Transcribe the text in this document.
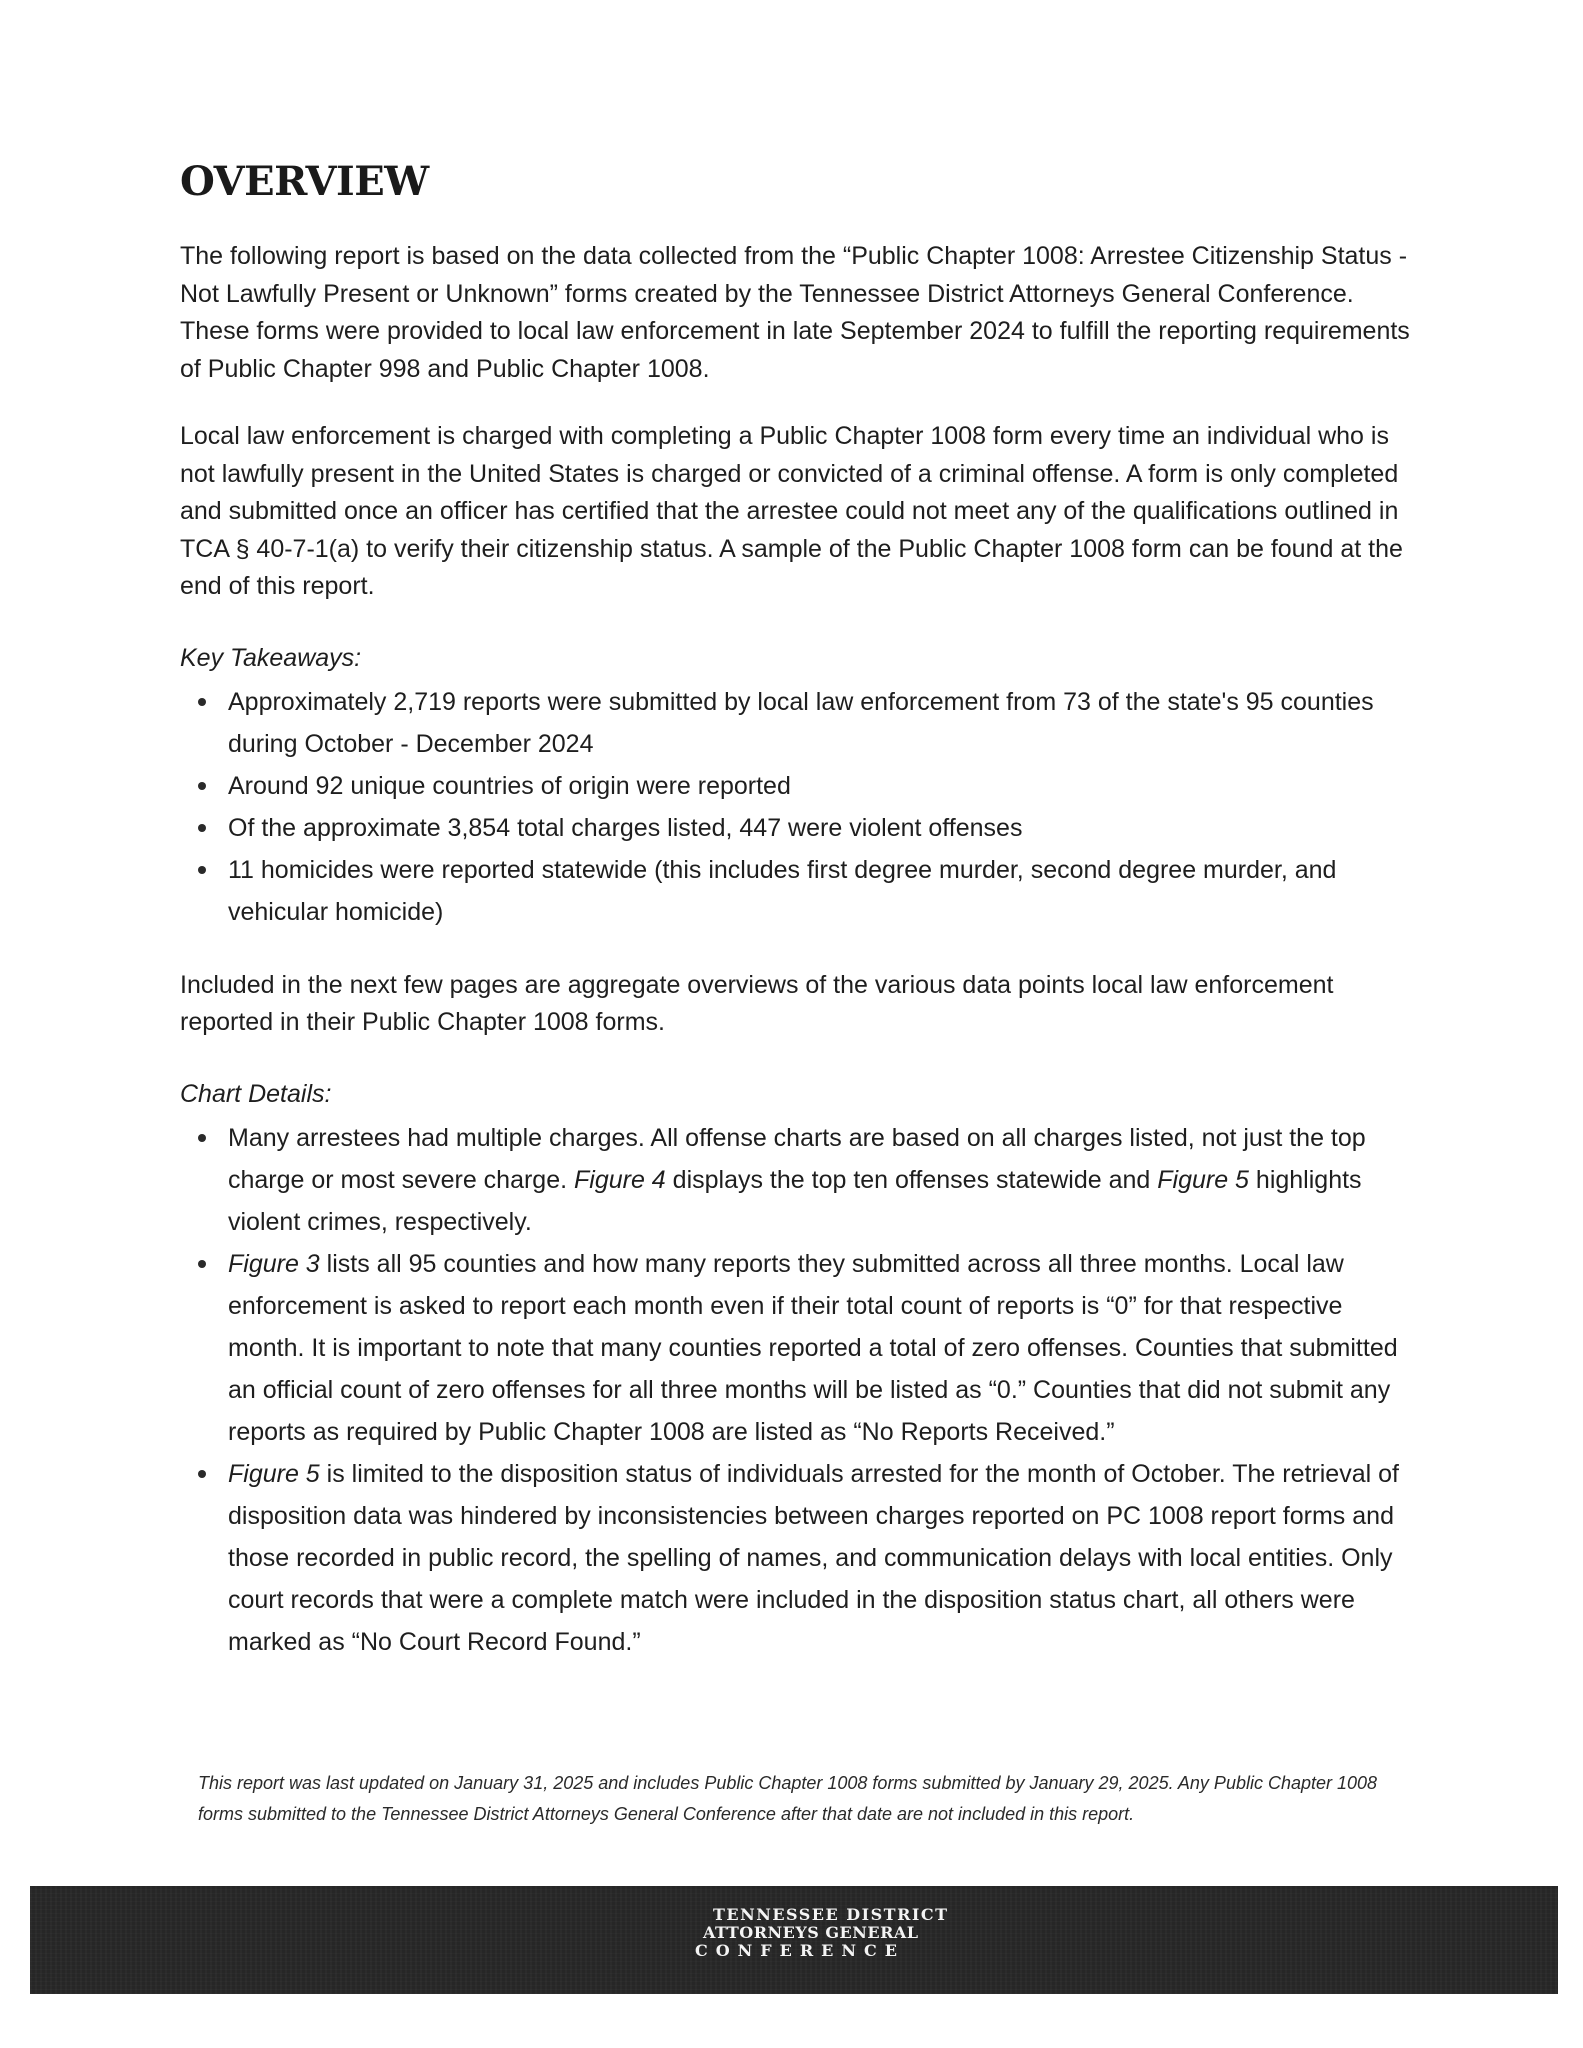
OVERVIEW

The following report is based on the data collected from the “Public Chapter 1008: Arrestee Citizenship Status - Not Lawfully Present or Unknown” forms created by the Tennessee District Attorneys General Conference. These forms were provided to local law enforcement in late September 2024 to fulfill the reporting requirements of Public Chapter 998 and Public Chapter 1008.

Local law enforcement is charged with completing a Public Chapter 1008 form every time an individual who is not lawfully present in the United States is charged or convicted of a criminal offense. A form is only completed and submitted once an officer has certified that the arrestee could not meet any of the qualifications outlined in TCA § 40-7-1(a) to verify their citizenship status. A sample of the Public Chapter 1008 form can be found at the end of this report.

Key Takeaways:
Approximately 2,719 reports were submitted by local law enforcement from 73 of the state's 95 counties during October - December 2024
Around 92 unique countries of origin were reported
Of the approximate 3,854 total charges listed, 447 were violent offenses
11 homicides were reported statewide (this includes first degree murder, second degree murder, and vehicular homicide)

Included in the next few pages are aggregate overviews of the various data points local law enforcement reported in their Public Chapter 1008 forms.

Chart Details:
Many arrestees had multiple charges. All offense charts are based on all charges listed, not just the top charge or most severe charge. Figure 4 displays the top ten offenses statewide and Figure 5 highlights violent crimes, respectively.
Figure 3 lists all 95 counties and how many reports they submitted across all three months. Local law enforcement is asked to report each month even if their total count of reports is “0” for that respective month. It is important to note that many counties reported a total of zero offenses. Counties that submitted an official count of zero offenses for all three months will be listed as “0.” Counties that did not submit any reports as required by Public Chapter 1008 are listed as “No Reports Received.”
Figure 5 is limited to the disposition status of individuals arrested for the month of October. The retrieval of disposition data was hindered by inconsistencies between charges reported on PC 1008 report forms and those recorded in public record, the spelling of names, and communication delays with local entities. Only court records that were a complete match were included in the disposition status chart, all others were marked as “No Court Record Found.”
This report was last updated on January 31, 2025 and includes Public Chapter 1008 forms submitted by January 29, 2025. Any Public Chapter 1008 forms submitted to the Tennessee District Attorneys General Conference after that date are not included in this report.
TENNESSEE DISTRICT
ATTORNEYS GENERAL
CONFERENCE
